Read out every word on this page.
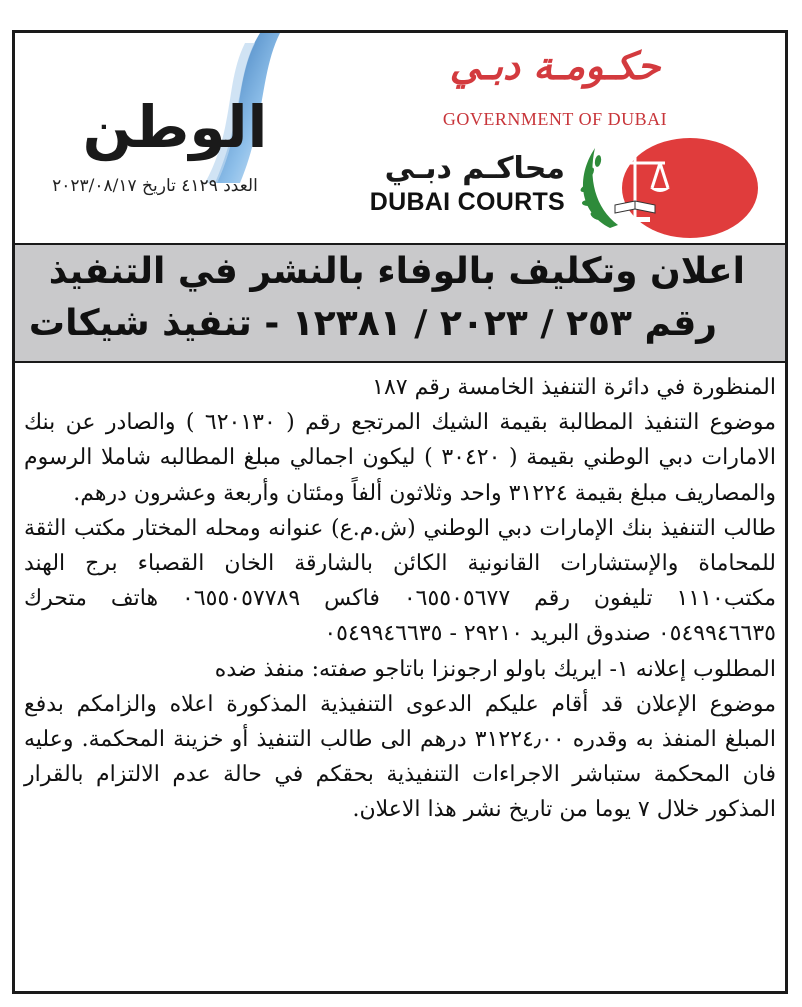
الوطن
العدد ٤١٢٩ تاريخ ٢٠٢٣/٠٨/١٧
حكـومـة دبـي
GOVERNMENT OF DUBAI
محاكـم دبـي
DUBAI COURTS
اعلان وتكليف بالوفاء بالنشر في التنفيذ
رقم ٢٥٣ / ٢٠٢٣ / ١٢٣٨١ - تنفيذ شيكات

المنظورة في دائرة التنفيذ الخامسة رقم ١٨٧

موضوع التنفيذ المطالبة بقيمة الشيك المرتجع رقم ( ٦٢٠١٣٠ ) والصادر عن بنك الامارات دبي الوطني بقيمة ( ٣٠٤٢٠ ) ليكون اجمالي مبلغ المطالبه شاملا الرسوم والمصاريف مبلغ بقيمة ٣١٢٢٤ واحد وثلاثون ألفاً ومئتان وأربعة وعشرون درهم.

طالب التنفيذ بنك الإمارات دبي الوطني (ش.م.ع) عنوانه ومحله المختار مكتب الثقة للمحاماة والإستشارات القانونية الكائن بالشارقة الخان القصباء برج الهند مكتب١١١٠ تليفون رقم ٠٦٥٥٠٥٦٧٧ فاكس ٠٦٥٥٠٥٧٧٨٩ هاتف متحرك ٠٥٤٩٩٤٦٦٣٥ صندوق البريد ٢٩٢١٠ - ٠٥٤٩٩٤٦٦٣٥

المطلوب إعلانه ١- ايريك باولو ارجونزا باتاجو صفته: منفذ ضده

موضوع الإعلان قد أقام عليكم الدعوى التنفيذية المذكورة اعلاه والزامكم بدفع المبلغ المنفذ به وقدره ٣١٢٢٤٫٠٠ درهم الى طالب التنفيذ أو خزينة المحكمة. وعليه فان المحكمة ستباشر الاجراءات التنفيذية بحقكم في حالة عدم الالتزام بالقرار المذكور خلال ٧ يوما من تاريخ نشر هذا الاعلان.
